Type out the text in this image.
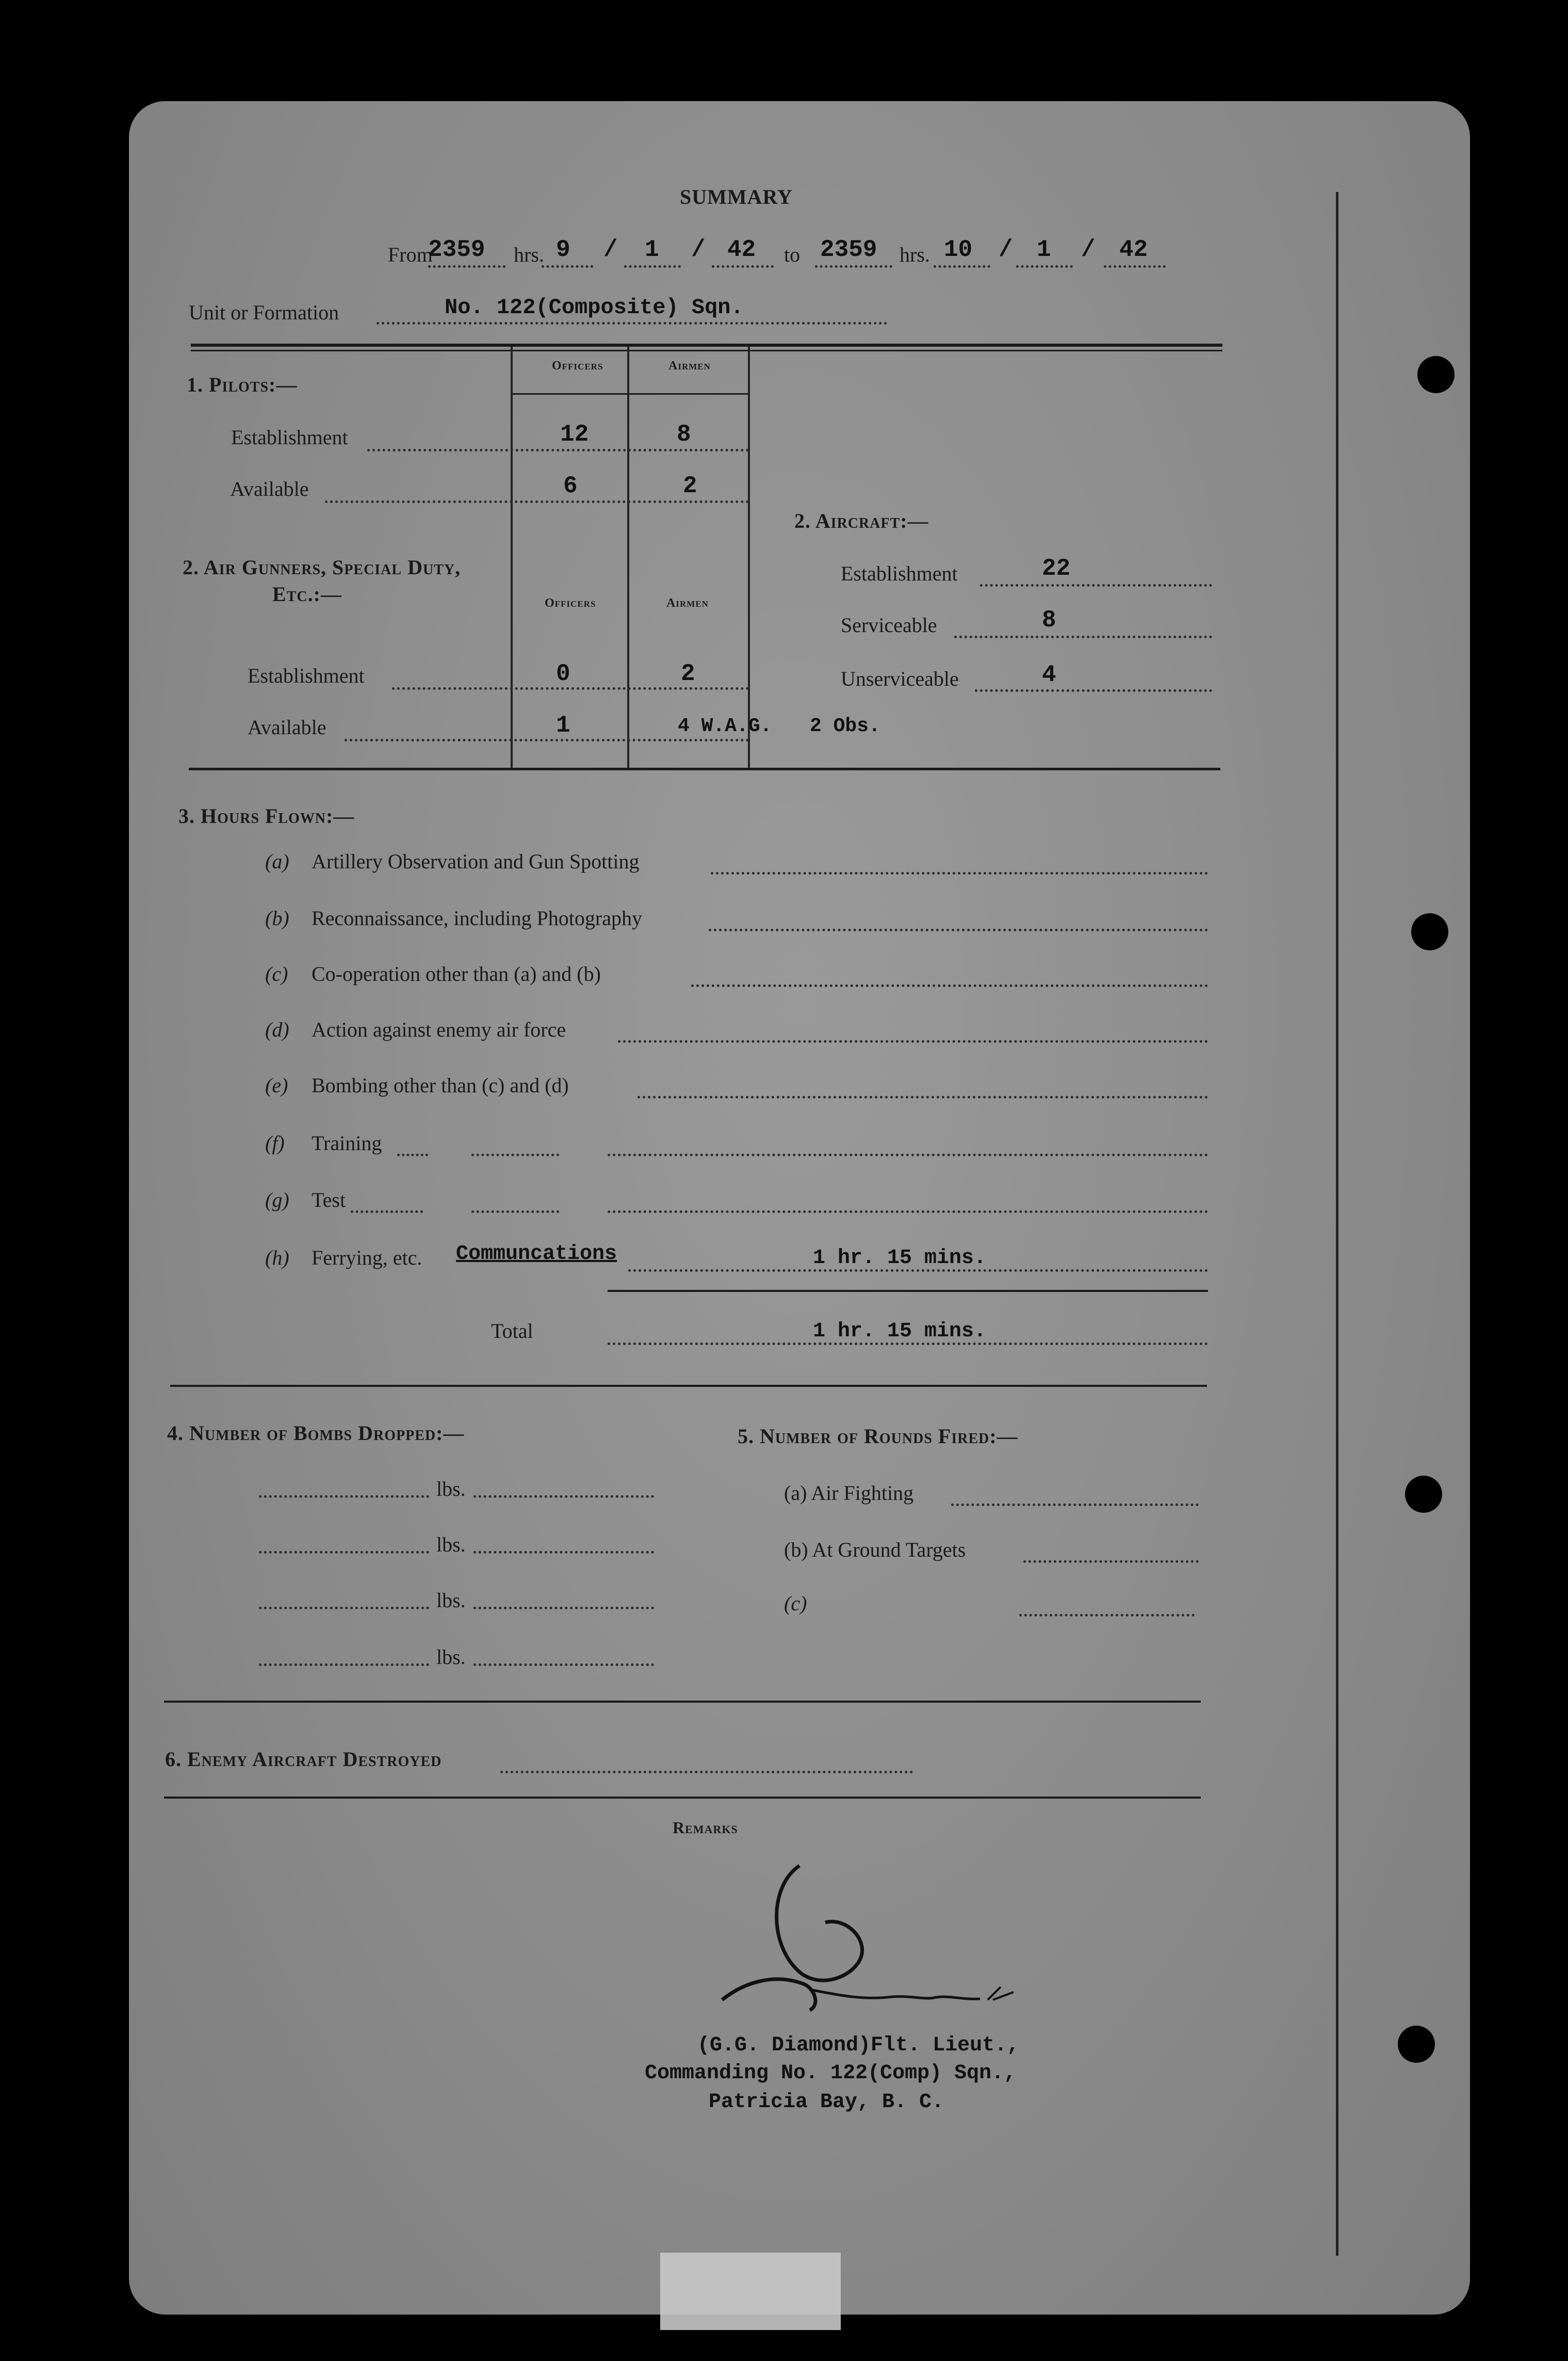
SUMMARY
From
2359 hrs. 9 / 1 / 42 to 2359 hrs. 10 / 1 / 42
Unit or Formation	No. 122(Composite) Sqn.
1. Pilots:—
Officers	Airmen
Establishment	12	8
Available	6	2
2. Air Gunners, Special Duty,
Etc.:—	Officers	Airmen
Establishment	0	2
Available	1	4 W.A.G. 2 Obs.
2. Aircraft:—
Establishment	22
Serviceable	8
Unserviceable	4
3. Hours Flown:—
(a) Artillery Observation and Gun Spotting
(b) Reconnaissance, including Photography
(c) Co-operation other than (a) and (b)
(d) Action against enemy air force
(e) Bombing other than (c) and (d)
(f) Training
(g) Test
(h) Ferrying, etc. Communcations	1 hr. 15 mins.
Total	1 hr. 15 mins.
4. Number of Bombs Dropped:—
lbs.
lbs.
lbs.
lbs.
5. Number of Rounds Fired:—
(a) Air Fighting
(b) At Ground Targets
(c)
6. Enemy Aircraft Destroyed
Remarks
(G.G. Diamond)Flt. Lieut.,
Commanding No. 122(Comp) Sqn.,
Patricia Bay, B. C.
